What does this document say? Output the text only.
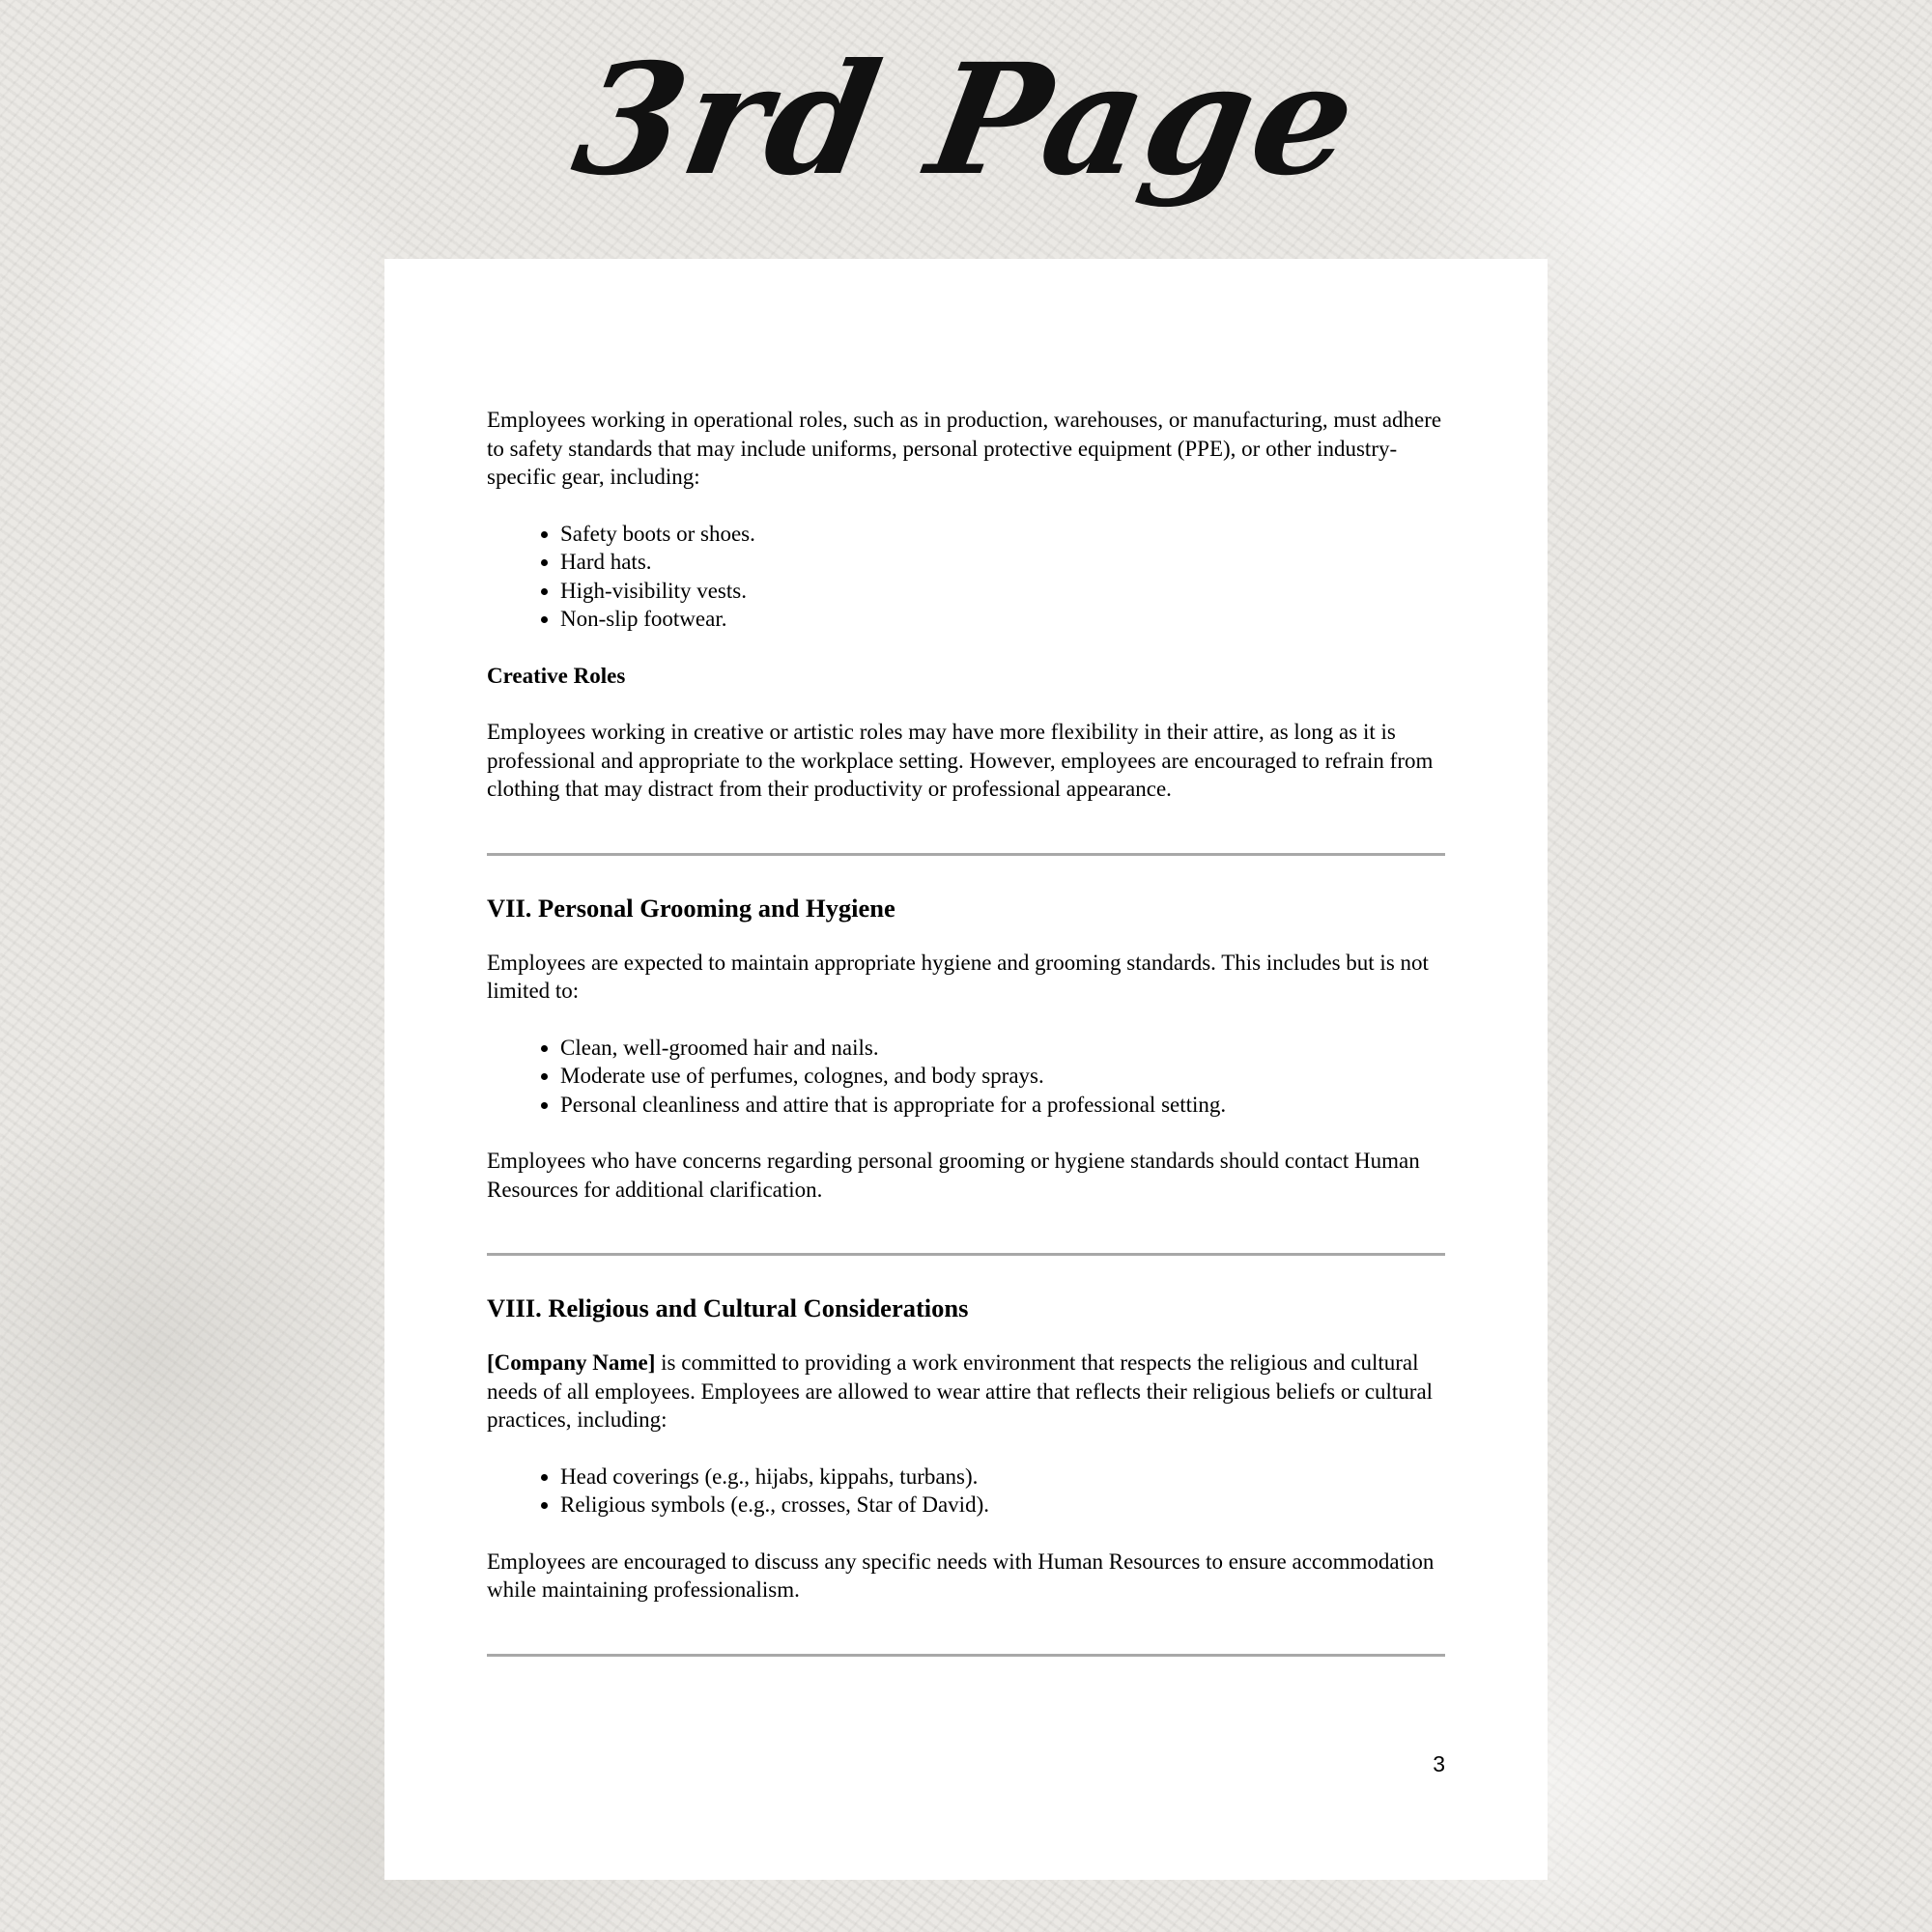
3rd Page

Employees working in operational roles, such as in production, warehouses, or manufacturing, must adhere to safety standards that may include uniforms, personal protective equipment (PPE), or other industry-specific gear, including:

• Safety boots or shoes.
• Hard hats.
• High-visibility vests.
• Non-slip footwear.

Creative Roles

Employees working in creative or artistic roles may have more flexibility in their attire, as long as it is professional and appropriate to the workplace setting. However, employees are encouraged to refrain from clothing that may distract from their productivity or professional appearance.

VII. Personal Grooming and Hygiene

Employees are expected to maintain appropriate hygiene and grooming standards. This includes but is not limited to:

• Clean, well-groomed hair and nails.
• Moderate use of perfumes, colognes, and body sprays.
• Personal cleanliness and attire that is appropriate for a professional setting.

Employees who have concerns regarding personal grooming or hygiene standards should contact Human Resources for additional clarification.

VIII. Religious and Cultural Considerations

[Company Name] is committed to providing a work environment that respects the religious and cultural needs of all employees. Employees are allowed to wear attire that reflects their religious beliefs or cultural practices, including:

• Head coverings (e.g., hijabs, kippahs, turbans).
• Religious symbols (e.g., crosses, Star of David).

Employees are encouraged to discuss any specific needs with Human Resources to ensure accommodation while maintaining professionalism.

3
